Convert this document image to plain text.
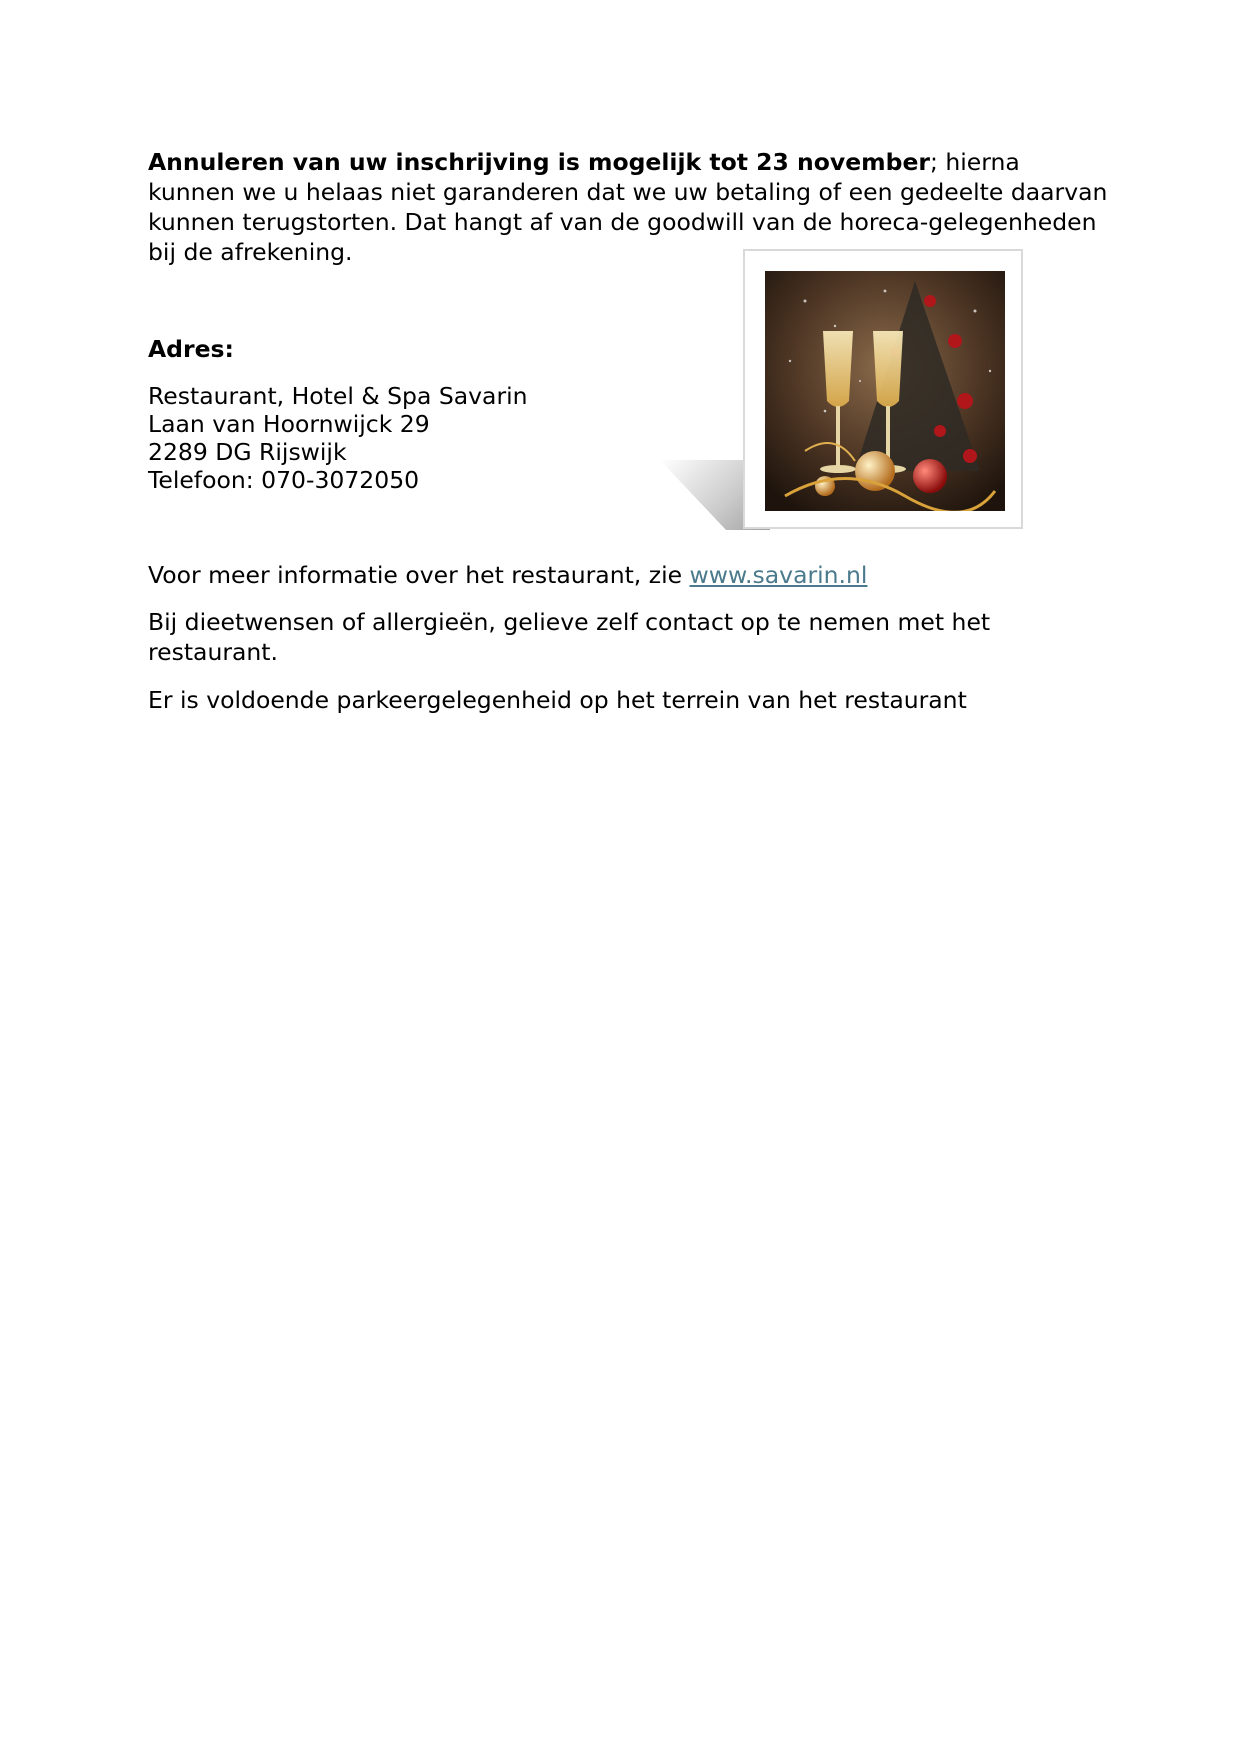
Annuleren van uw inschrijving is mogelijk tot 23 november; hierna kunnen we u helaas niet garanderen dat we uw betaling of een gedeelte daarvan kunnen terugstorten. Dat hangt af van de goodwill van de horeca-gelegenheden bij de afrekening.

Adres:
Restaurant, Hotel & Spa Savarin
Laan van Hoornwijck 29
2289 DG Rijswijk
Telefoon: 070-3072050

Voor meer informatie over het restaurant, zie www.savarin.nl

Bij dieetwensen of allergieën, gelieve zelf contact op te nemen met het restaurant.

Er is voldoende parkeergelegenheid op het terrein van het restaurant
